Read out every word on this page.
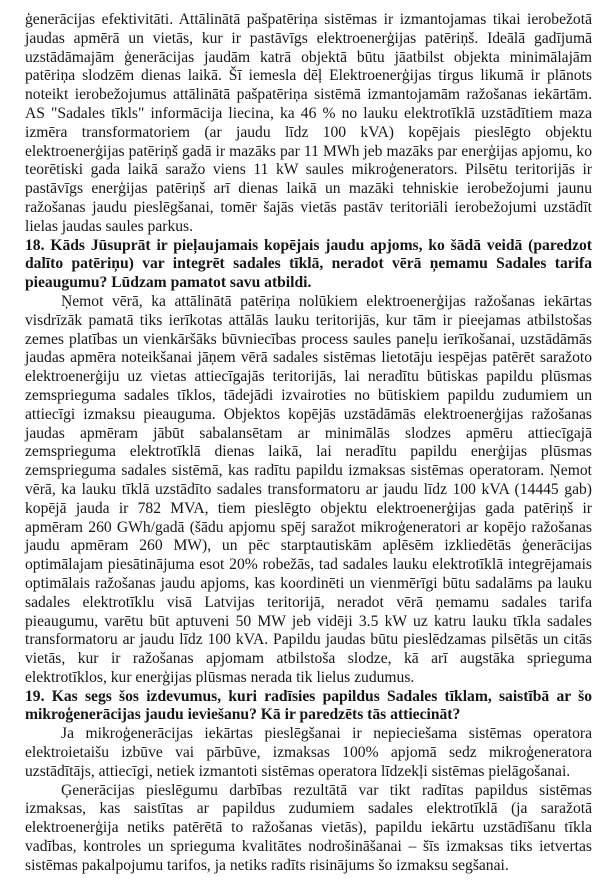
ģenerācijas efektivitāti. Attālinātā pašpatēriņa sistēmas ir izmantojamas tikai ierobežotā jaudas apmērā un vietās, kur ir pastāvīgs elektroenerģijas patēriņš. Ideālā gadījumā uzstādāmajām ģenerācijas jaudām katrā objektā būtu jāatbilst objekta minimālajām patēriņa slodzēm dienas laikā. Šī iemesla dēļ Elektroenerģijas tirgus likumā ir plānots noteikt ierobežojumus attālinātā pašpatēriņa sistēmā izmantojamām ražošanas iekārtām. AS "Sadales tīkls" informācija liecina, ka 46 % no lauku elektrotīklā uzstādītiem maza izmēra transformatoriem (ar jaudu līdz 100 kVA) kopējais pieslēgto objektu elektroenerģijas patēriņš gadā ir mazāks par 11 MWh jeb mazāks par enerģijas apjomu, ko teorētiski gada laikā saražo viens 11 kW saules mikroģenerators. Pilsētu teritorijās ir pastāvīgs enerģijas patēriņš arī dienas laikā un mazāki tehniskie ierobežojumi jaunu ražošanas jaudu pieslēgšanai, tomēr šajās vietās pastāv teritoriāli ierobežojumi uzstādīt lielas jaudas saules parkus.

18. Kāds Jūsuprāt ir pieļaujamais kopējais jaudu apjoms, ko šādā veidā (paredzot dalīto patēriņu) var integrēt sadales tīklā, neradot vērā ņemamu Sadales tarifa pieaugumu? Lūdzam pamatot savu atbildi.

Ņemot vērā, ka attālinātā patēriņa nolūkiem elektroenerģijas ražošanas iekārtas visdrīzāk pamatā tiks ierīkotas attālās lauku teritorijās, kur tām ir pieejamas atbilstošas zemes platības un vienkāršāks būvniecības process saules paneļu ierīkošanai, uzstādāmās jaudas apmēra noteikšanai jāņem vērā sadales sistēmas lietotāju iespējas patērēt saražoto elektroenerģiju uz vietas attiecīgajās teritorijās, lai neradītu būtiskas papildu plūsmas zemsprieguma sadales tīklos, tādejādi izvairoties no būtiskiem papildu zudumiem un attiecīgi izmaksu pieauguma. Objektos kopējās uzstādāmās elektroenerģijas ražošanas jaudas apmēram jābūt sabalansētam ar minimālās slodzes apmēru attiecīgajā zemsprieguma elektrotīklā dienas laikā, lai neradītu papildu enerģijas plūsmas zemsprieguma sadales sistēmā, kas radītu papildu izmaksas sistēmas operatoram. Ņemot vērā, ka lauku tīklā uzstādīto sadales transformatoru ar jaudu līdz 100 kVA (14445 gab) kopējā jauda ir 782 MVA, tiem pieslēgto objektu elektroenerģijas gada patēriņš ir apmēram 260 GWh/gadā (šādu apjomu spēj saražot mikroģeneratori ar kopējo ražošanas jaudu apmēram 260 MW), un pēc starptautiskām aplēsēm izkliedētās ģenerācijas optimālajam piesātinājuma esot 20% robežās, tad sadales lauku elektrotīklā integrējamais optimālais ražošanas jaudu apjoms, kas koordinēti un vienmērīgi būtu sadalāms pa lauku sadales elektrotīklu visā Latvijas teritorijā, neradot vērā ņemamu sadales tarifa pieaugumu, varētu būt aptuveni 50 MW jeb vidēji 3.5 kW uz katru lauku tīkla sadales transformatoru ar jaudu līdz 100 kVA. Papildu jaudas būtu pieslēdzamas pilsētās un citās vietās, kur ir ražošanas apjomam atbilstoša slodze, kā arī augstāka sprieguma elektrotīklos, kur enerģijas plūsmas nerada tik lielus zudumus.

19. Kas segs šos izdevumus, kuri radīsies papildus Sadales tīklam, saistībā ar šo mikroģenerācijas jaudu ieviešanu? Kā ir paredzēts tās attiecināt?

Ja mikroģenerācijas iekārtas pieslēgšanai ir nepieciešama sistēmas operatora elektroietaišu izbūve vai pārbūve, izmaksas 100% apjomā sedz mikroģeneratora uzstādītājs, attiecīgi, netiek izmantoti sistēmas operatora līdzekļi sistēmas pielāgošanai.

Ģenerācijas pieslēgumu darbības rezultātā var tikt radītas papildus sistēmas izmaksas, kas saistītas ar papildus zudumiem sadales elektrotīklā (ja saražotā elektroenerģija netiks patērētā to ražošanas vietās), papildu iekārtu uzstādīšanu tīkla vadības, kontroles un sprieguma kvalitātes nodrošināšanai – šīs izmaksas tiks ietvertas sistēmas pakalpojumu tarifos, ja netiks radīts risinājums šo izmaksu segšanai.
